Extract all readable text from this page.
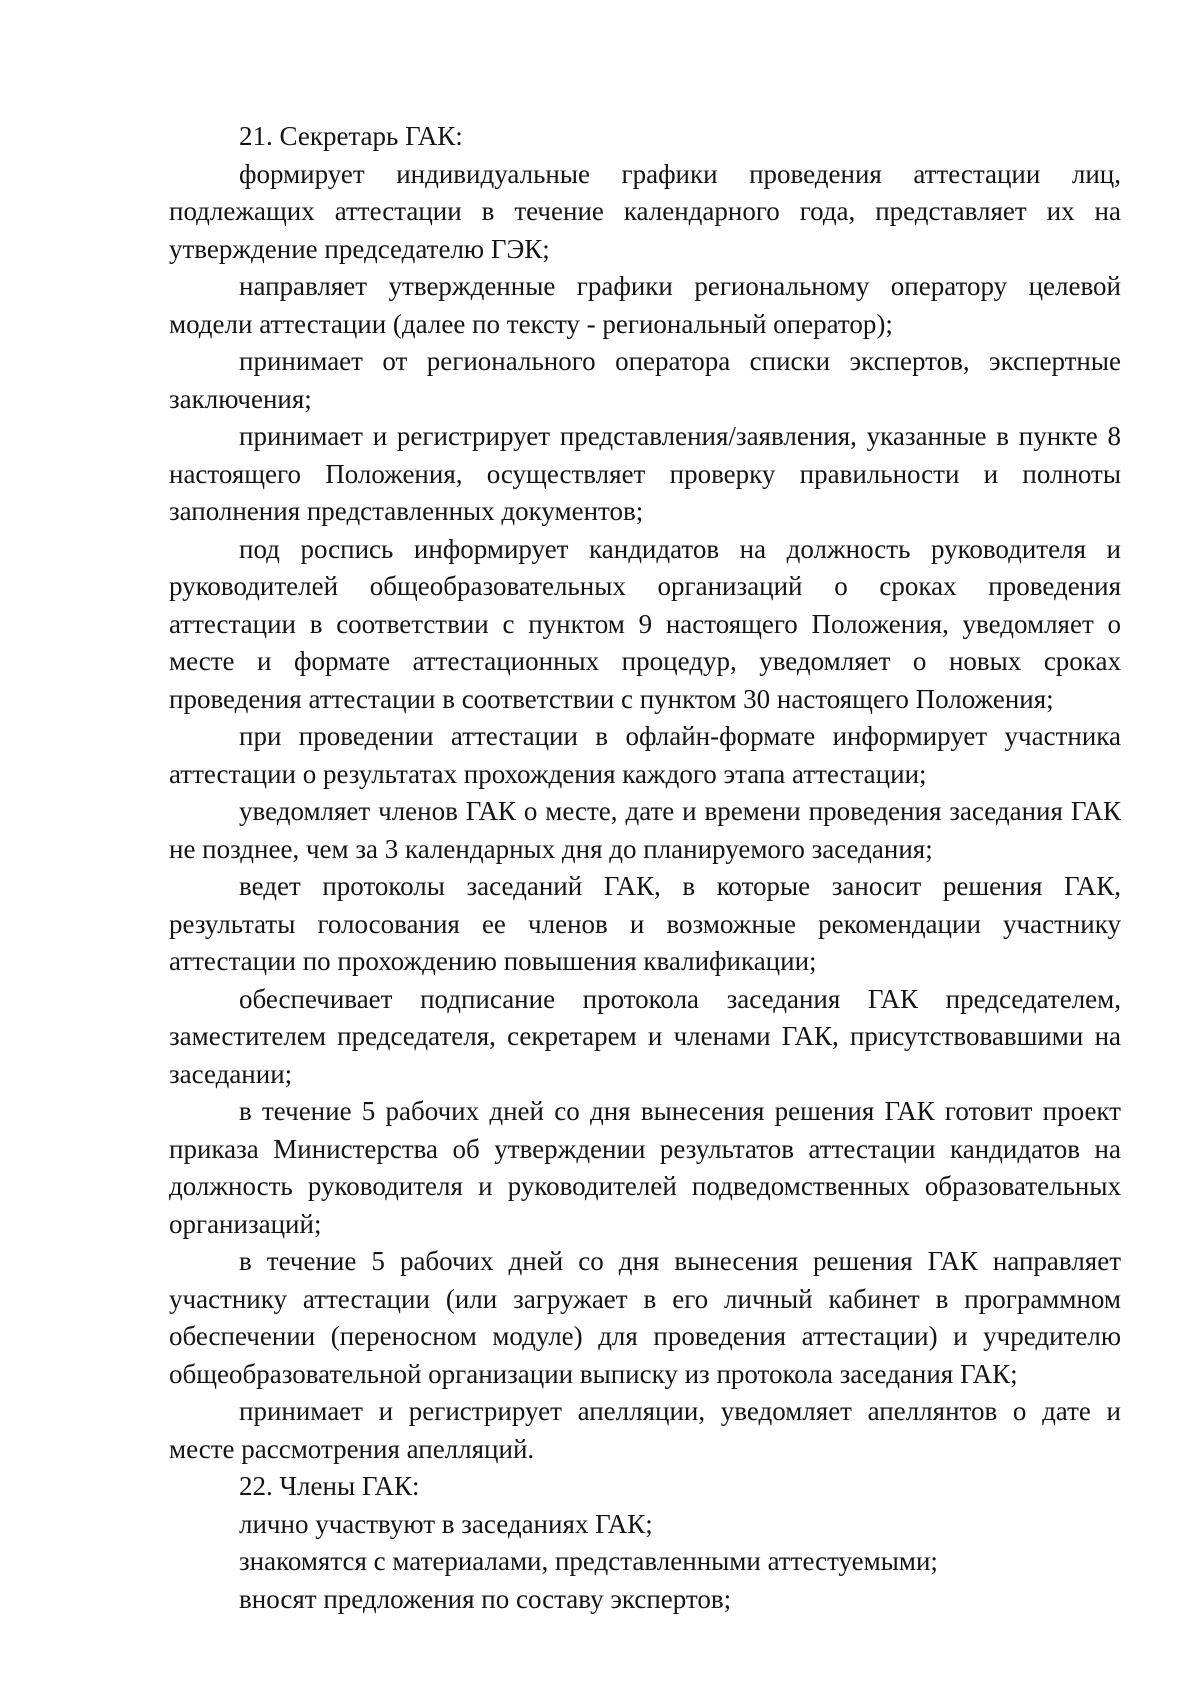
21. Секретарь ГАК:

формирует индивидуальные графики проведения аттестации лиц, подлежащих аттестации в течение календарного года, представляет их на утверждение председателю ГЭК;

направляет утвержденные графики региональному оператору целевой модели аттестации (далее по тексту - региональный оператор);

принимает от регионального оператора списки экспертов, экспертные заключения;

принимает и регистрирует представления/заявления, указанные в пункте 8 настоящего Положения, осуществляет проверку правильности и полноты заполнения представленных документов;

под роспись информирует кандидатов на должность руководителя и руководителей общеобразовательных организаций о сроках проведения аттестации в соответствии с пунктом 9 настоящего Положения, уведомляет о месте и формате аттестационных процедур, уведомляет о новых сроках проведения аттестации в соответствии с пунктом 30 настоящего Положения;

при проведении аттестации в офлайн-формате информирует участника аттестации о результатах прохождения каждого этапа аттестации;

уведомляет членов ГАК о месте, дате и времени проведения заседания ГАК не позднее, чем за 3 календарных дня до планируемого заседания;

ведет протоколы заседаний ГАК, в которые заносит решения ГАК, результаты голосования ее членов и возможные рекомендации участнику аттестации по прохождению повышения квалификации;

обеспечивает подписание протокола заседания ГАК председателем, заместителем председателя, секретарем и членами ГАК, присутствовавшими на заседании;

в течение 5 рабочих дней со дня вынесения решения ГАК готовит проект приказа Министерства об утверждении результатов аттестации кандидатов на должность руководителя и руководителей подведомственных образовательных организаций;

в течение 5 рабочих дней со дня вынесения решения ГАК направляет участнику аттестации (или загружает в его личный кабинет в программном обеспечении (переносном модуле) для проведения аттестации) и учредителю общеобразовательной организации выписку из протокола заседания ГАК;

принимает и регистрирует апелляции, уведомляет апеллянтов о дате и месте рассмотрения апелляций.

22. Члены ГАК:

лично участвуют в заседаниях ГАК;

знакомятся с материалами, представленными аттестуемыми;

вносят предложения по составу экспертов;
